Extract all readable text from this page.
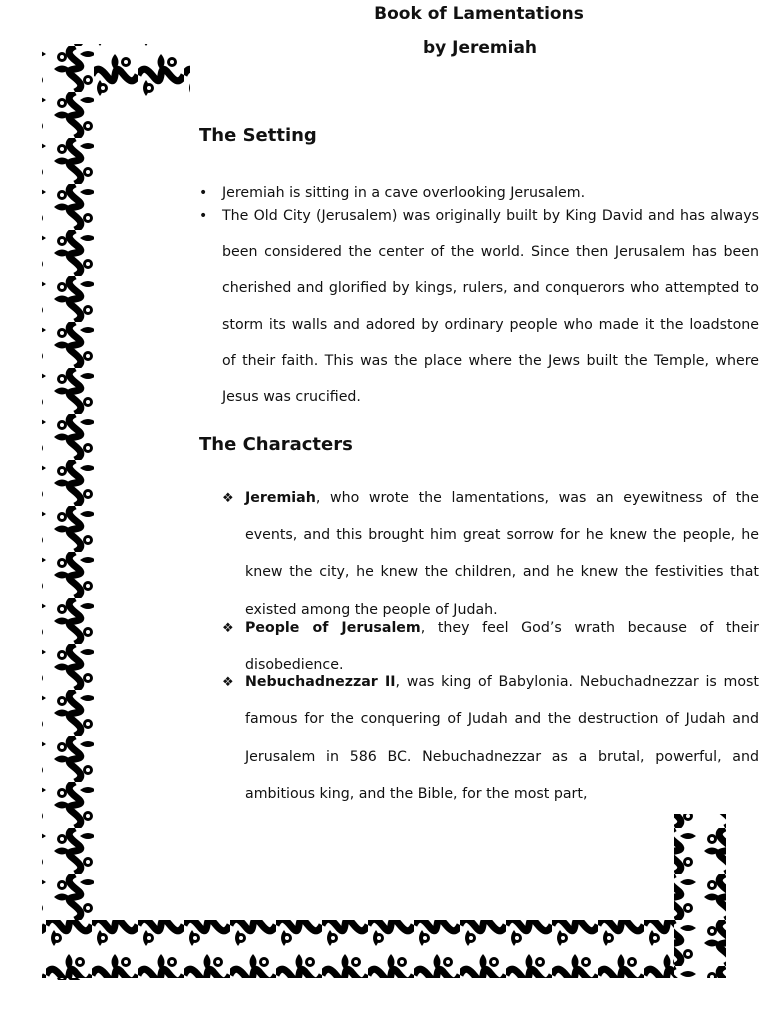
Book of Lamentations
by Jeremiah
The Setting
• Jeremiah is sitting in a cave overlooking Jerusalem.
• The Old City (Jerusalem) was originally built by King David and has always been considered the center of the world. Since then Jerusalem has been cherished and glorified by kings, rulers, and conquerors who attempted to storm its walls and adored by ordinary people who made it the loadstone of their faith. This was the place where the Jews built the Temple, where Jesus was crucified.
The Characters
❖ Jeremiah, who wrote the lamentations, was an eyewitness of the events, and this brought him great sorrow for he knew the people, he knew the city, he knew the children, and he knew the festivities that existed among the people of Judah.
❖ People of Jerusalem, they feel God’s wrath because of their disobedience.
❖ Nebuchadnezzar II, was king of Babylonia. Nebuchadnezzar is most famous for the conquering of Judah and the destruction of Judah and Jerusalem in 586 BC. Nebuchadnezzar as a brutal, powerful, and ambitious king, and the Bible, for the most part,
